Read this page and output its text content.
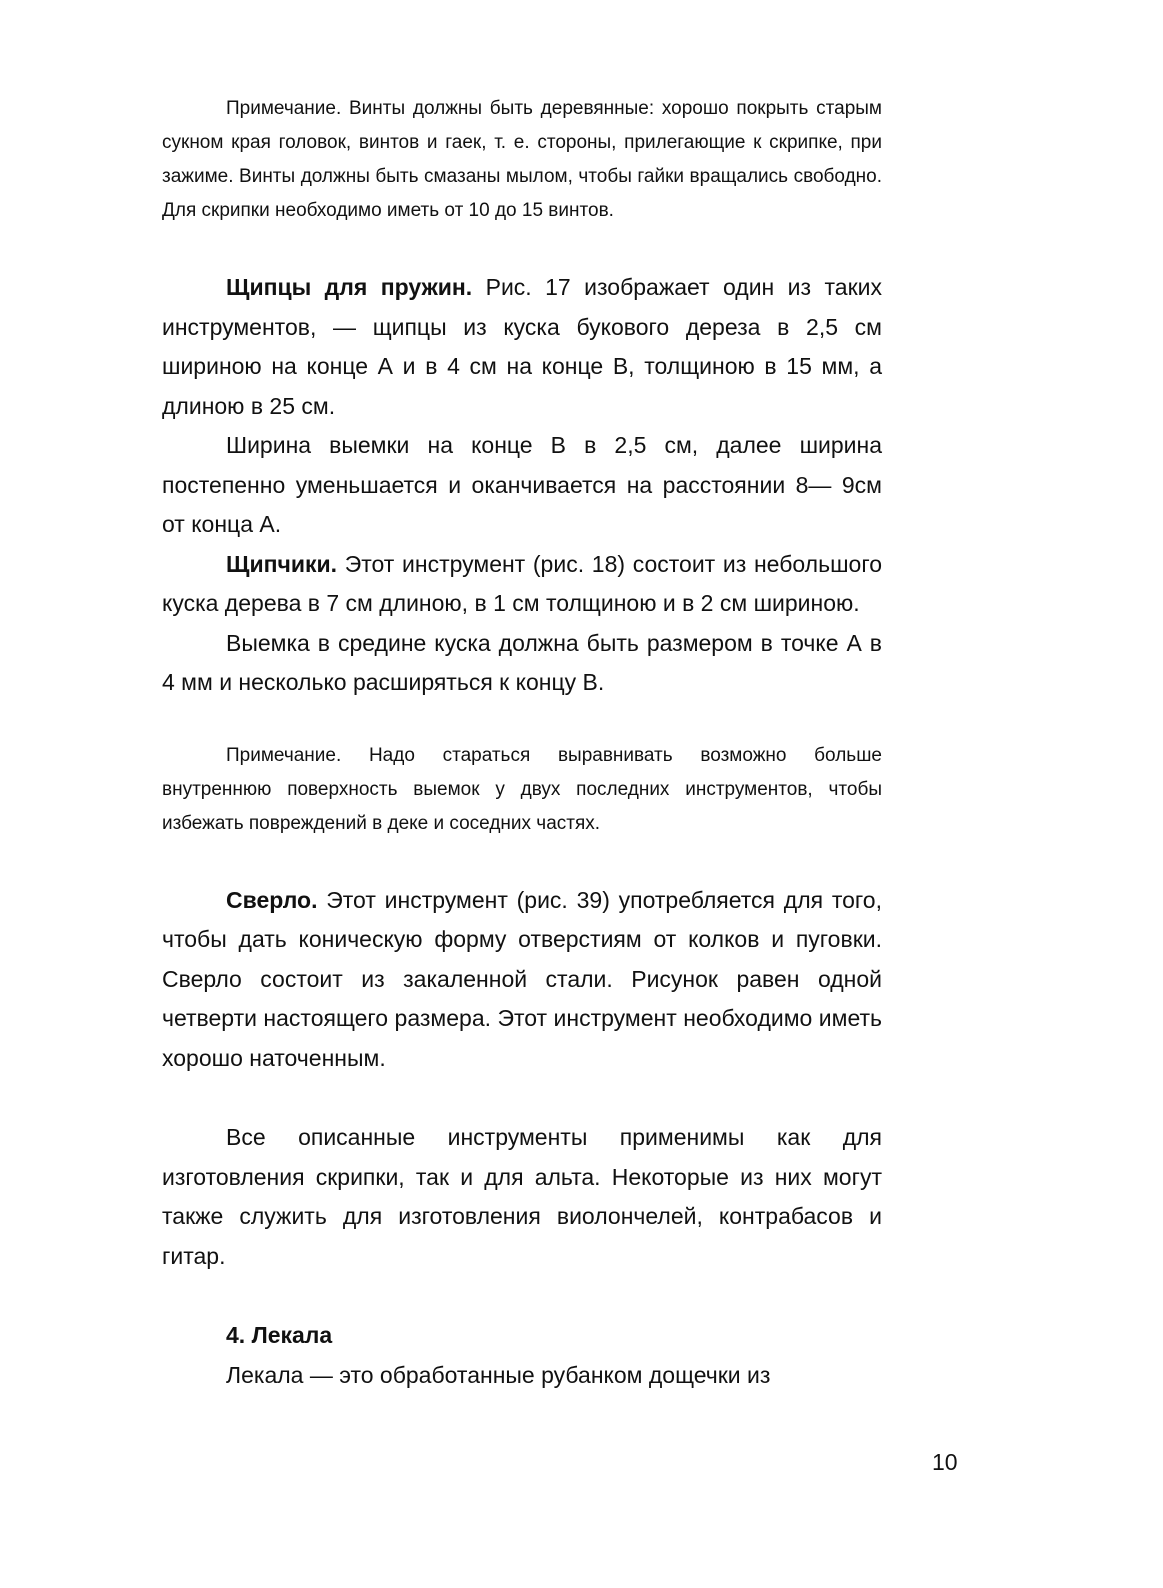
Примечание. Винты должны быть деревянные: хорошо покрыть старым сукном края головок, винтов и гаек, т. е. стороны, прилегающие к скрипке, при зажиме. Винты должны быть смазаны мылом, чтобы гайки вращались свободно. Для скрипки необходимо иметь от 10 до 15 винтов.

Щипцы для пружин. Рис. 17 изображает один из таких инструментов, — щипцы из куска букового дереза в 2,5 см шириною на конце А и в 4 см на конце В, толщиною в 15 мм, а длиною в 25 см.

Ширина выемки на конце В в 2,5 см, далее ширина постепенно уменьшается и оканчивается на расстоянии 8— 9см от конца А.

Щипчики. Этот инструмент (рис. 18) состоит из небольшого куска дерева в 7 см длиною, в 1 см толщиною и в 2 см шириною.

Выемка в средине куска должна быть размером в точке А в 4 мм и несколько расширяться к концу В.

Примечание. Надо стараться выравнивать возможно больше внутреннюю поверхность выемок у двух последних инструментов, чтобы избежать повреждений в деке и соседних частях.

Сверло. Этот инструмент (рис. 39) употребляется для того, чтобы дать коническую форму отверстиям от колков и пуговки. Сверло состоит из закаленной стали. Рисунок равен одной четверти настоящего размера. Этот инструмент необходимо иметь хорошо наточенным.

Все описанные инструменты применимы как для изготовления скрипки, так и для альта. Некоторые из них могут также служить для изготовления виолончелей, контрабасов и гитар.

4. Лекала

Лекала — это обработанные рубанком дощечки из

10
